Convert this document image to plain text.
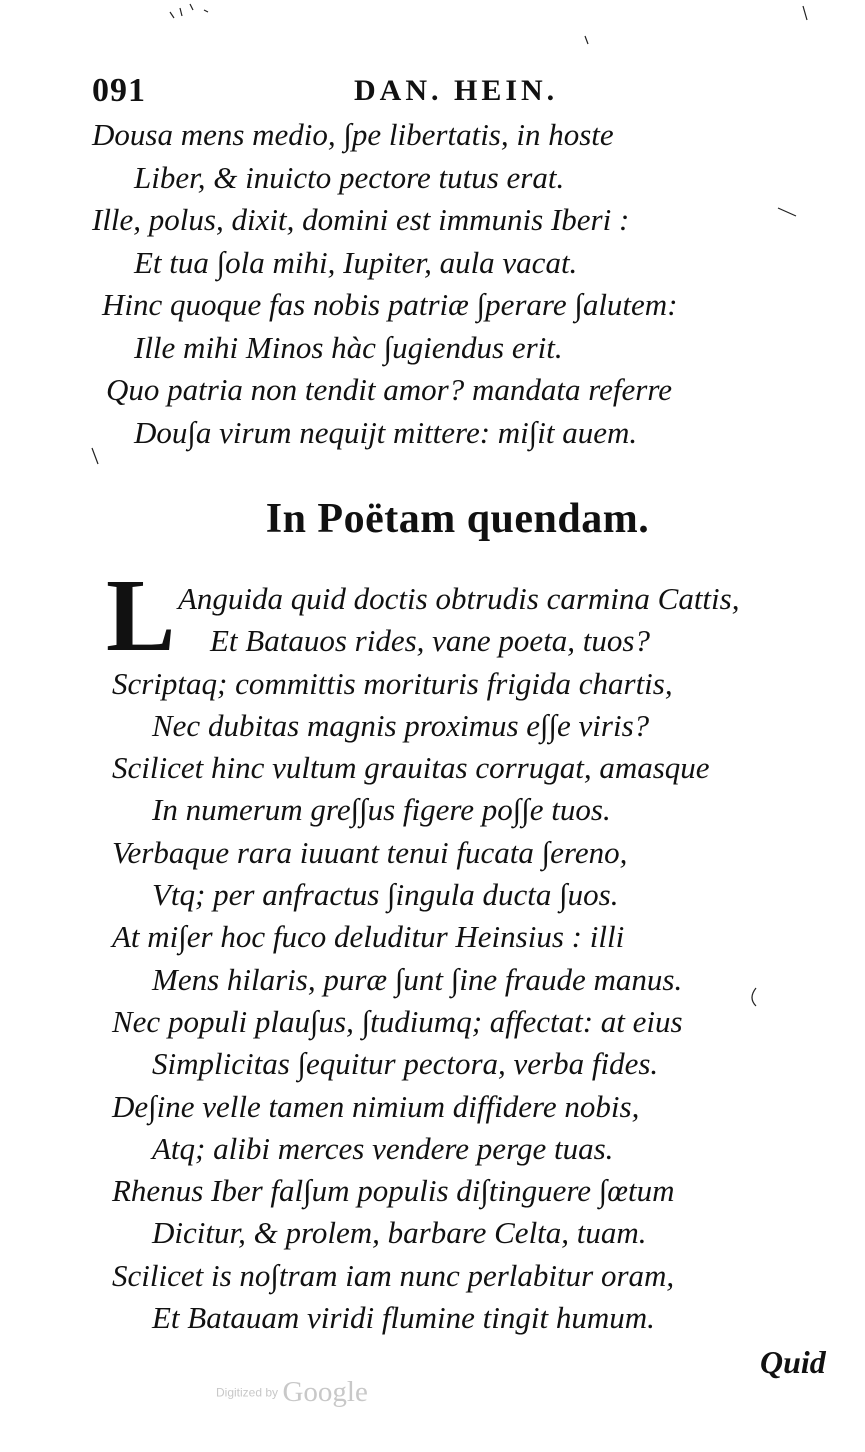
091	DAN. HEIN.
Dousa mens medio, ∫pe libertatis, in hoste
Liber, & inuicto pectore tutus erat.
Ille, polus, dixit, domini est immunis Iberi :
Et tua ∫ola mihi, Iupiter, aula vacat.
Hinc quoque fas nobis patriæ ∫perare ∫alutem:
Ille mihi Minos hàc ∫ugiendus erit.
Quo patria non tendit amor? mandata referre
Dou∫a virum nequijt mittere: mi∫it auem.
In Poëtam quendam.
L Anguida quid doctis obtrudis carmina Cattis,
Et Batauos rides, vane poeta, tuos?
Scriptaq; committis morituris frigida chartis,
Nec dubitas magnis proximus e∫∫e viris?
Scilicet hinc vultum grauitas corrugat, amasque
In numerum gre∫∫us figere po∫∫e tuos.
Verbaque rara iuuant tenui fucata ∫ereno,
Vtq; per anfractus ∫ingula ducta ∫uos.
At mi∫er hoc fuco deluditur Heinsius : illi
Mens hilaris, puræ ∫unt ∫ine fraude manus.
Nec populi plau∫us, ∫tudiumq; affectat: at eius
Simplicitas ∫equitur pectora, verba fides.
De∫ine velle tamen nimium diffidere nobis,
Atq; alibi merces vendere perge tuas.
Rhenus Iber fal∫um populis di∫tinguere ∫œtum
Dicitur, & prolem, barbare Celta, tuam.
Scilicet is no∫tram iam nunc perlabitur oram,
Et Batauam viridi flumine tingit humum.
Quid
Digitized by Google
